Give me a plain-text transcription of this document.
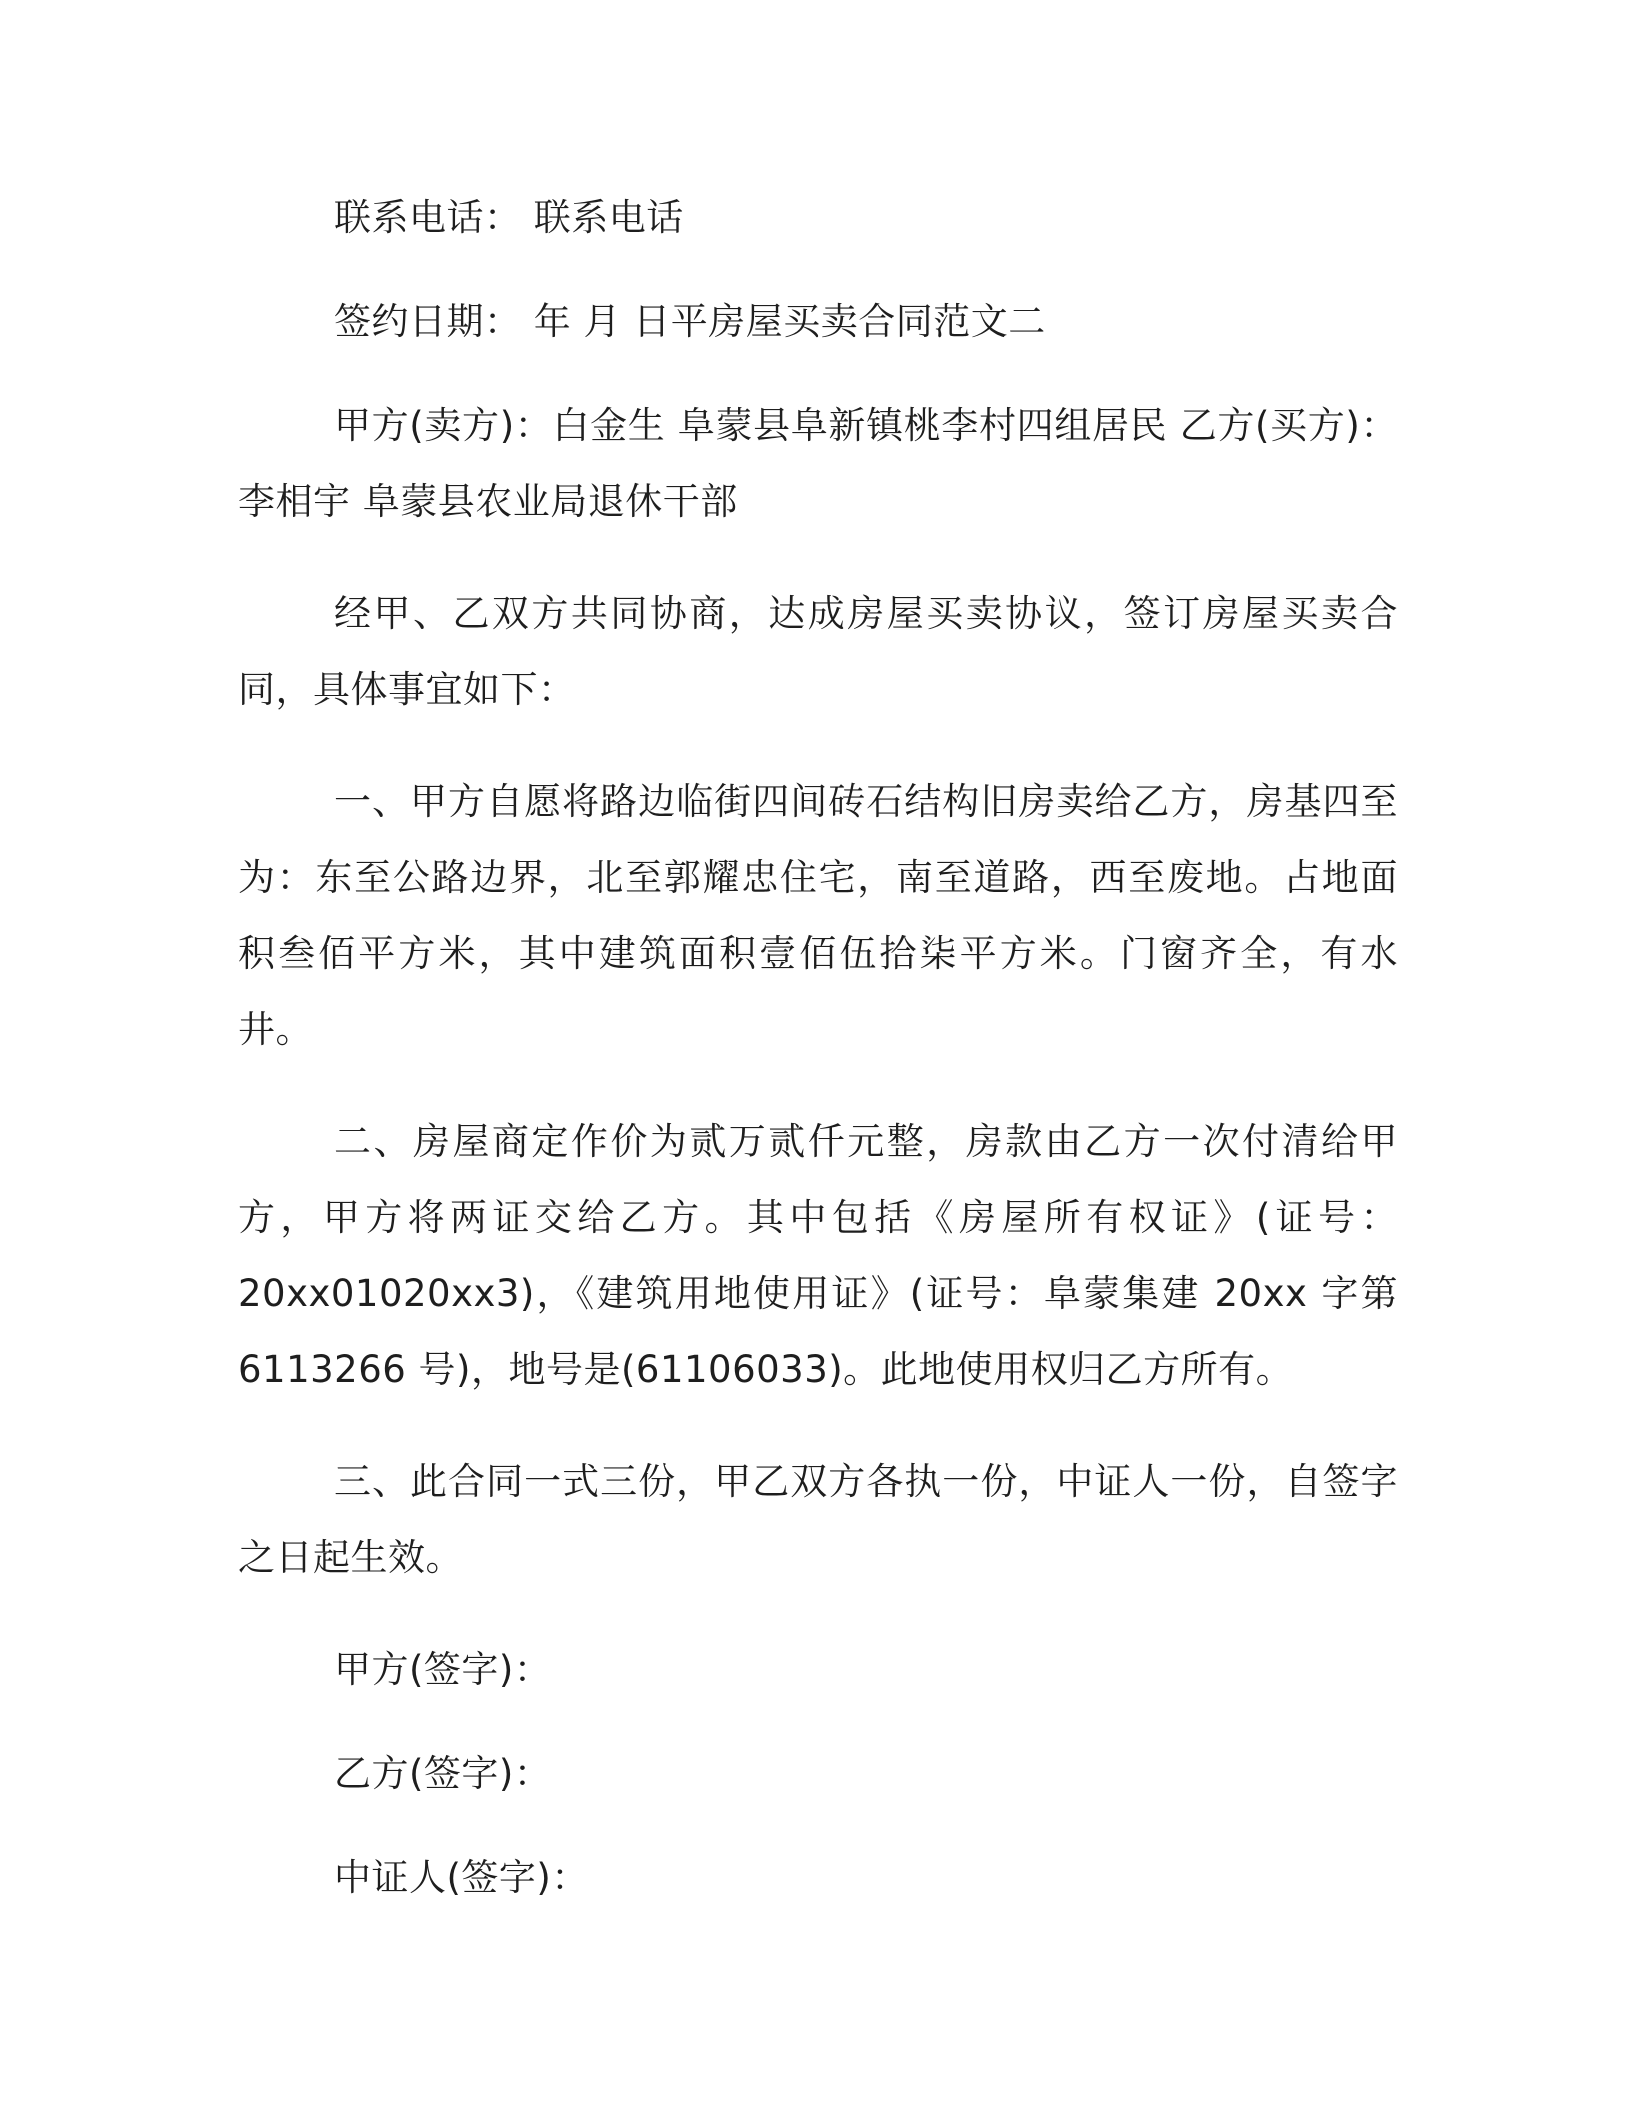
联系电话： 联系电话

签约日期： 年 月 日平房屋买卖合同范文二

甲方(卖方)：白金生 阜蒙县阜新镇桃李村四组居民 乙方(买方)：李相宇 阜蒙县农业局退休干部

经甲、乙双方共同协商，达成房屋买卖协议，签订房屋买卖合同，具体事宜如下：

一、甲方自愿将路边临街四间砖石结构旧房卖给乙方，房基四至为：东至公路边界，北至郭耀忠住宅，南至道路，西至废地。占地面积叁佰平方米，其中建筑面积壹佰伍拾柒平方米。门窗齐全，有水井。

二、房屋商定作价为贰万贰仟元整，房款由乙方一次付清给甲方，甲方将两证交给乙方。其中包括《房屋所有权证》(证号：20xx01020xx3)，《建筑用地使用证》(证号：阜蒙集建 20xx 字第 6113266 号)，地号是(61106033)。此地使用权归乙方所有。

三、此合同一式三份，甲乙双方各执一份，中证人一份，自签字之日起生效。

甲方(签字)：

乙方(签字)：

中证人(签字)：
